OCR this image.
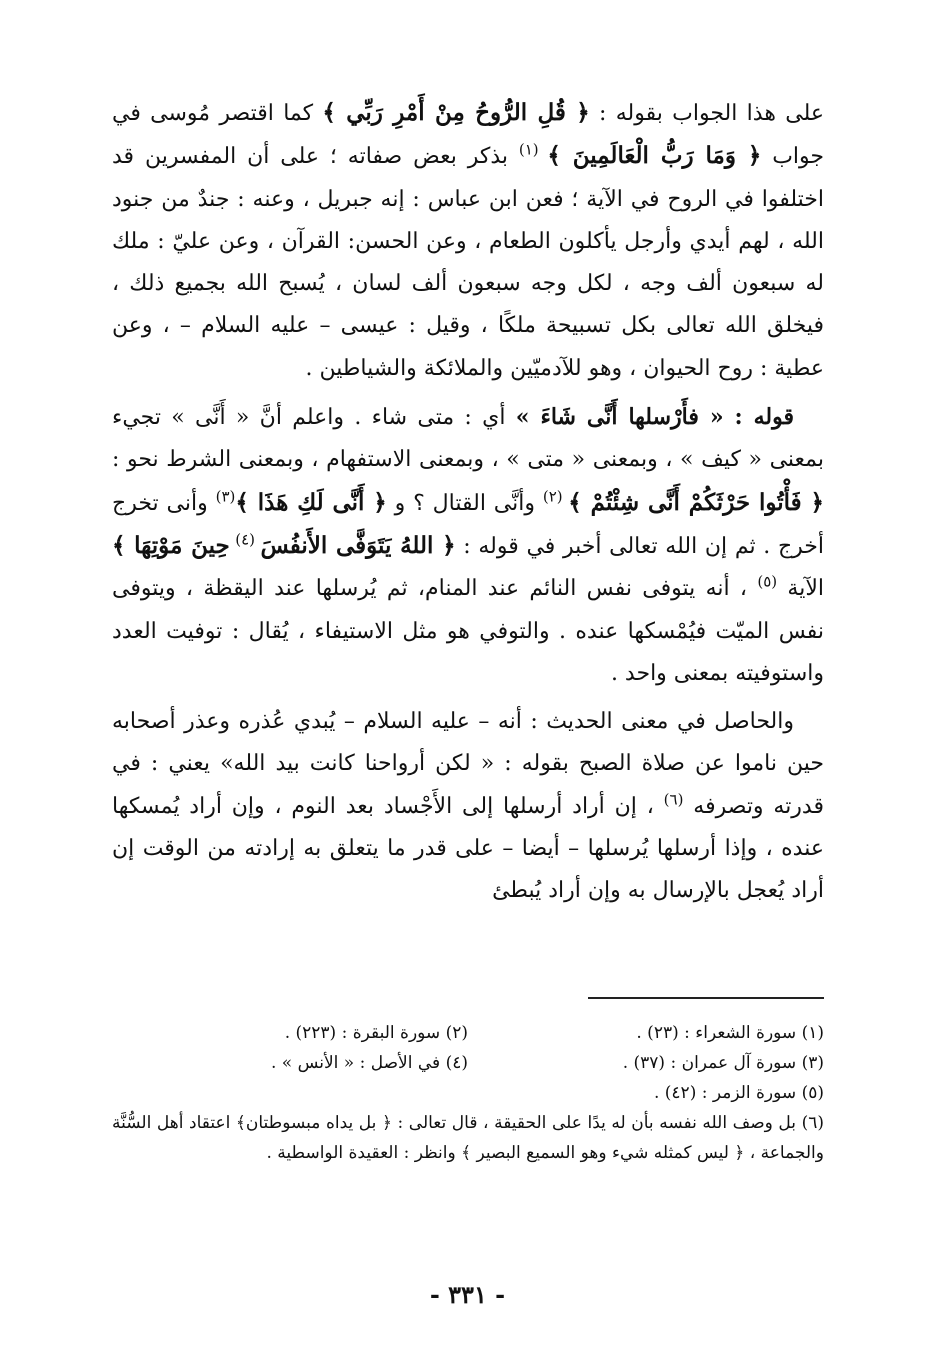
على هذا الجواب بقوله : ﴿ قُلِ الرُّوحُ مِنْ أَمْرِ رَبِّي ﴾ كما اقتصر مُوسى في جواب ﴿ وَمَا رَبُّ الْعَالَمِينَ ﴾ $^{(١)}$ بذكر بعض صفاته ؛ على أن المفسرين قد اختلفوا في الروح في الآية ؛ فعن ابن عباس : إنه جبريل ، وعنه : جندٌ من جنود الله ، لهم أيدي وأرجل يأكلون الطعام ، وعن الحسن: القرآن ، وعن عليّ : ملك له سبعون ألف وجه ، لكل وجه سبعون ألف لسان ، يُسبح الله بجميع ذلك ، فيخلق الله تعالى بكل تسبيحة ملكًا ، وقيل : عيسى – عليه السلام – ، وعن عطية : روح الحيوان ، وهو للآدميّين والملائكة والشياطين .

قوله : « فأَرْسلها أَنَّى شَاءَ » أي : متى شاء . واعلم أنَّ « أَنَّى » تجيء بمعنى « كيف » ، وبمعنى « متى » ، وبمعنى الاستفهام ، وبمعنى الشرط نحو : ﴿ فَأْتُوا حَرْثَكُمْ أَنَّى شِئْتُمْ ﴾ $^{(٢)}$ وأنَّى القتال ؟ و ﴿ أَنَّى لَكِ هَذَا ﴾$^{(٣)}$ وأنى تخرج أخرج . ثم إن الله تعالى أخبر في قوله : ﴿ اللهُ يَتَوَفَّى الأَنفُسَ $^{(٤)}$ حِينَ مَوْتِهَا ﴾ الآية $^{(٥)}$ ، أنه يتوفى نفس النائم عند المنام، ثم يُرسلها عند اليقظة ، ويتوفى نفس الميّت فيُمْسكها عنده . والتوفي هو مثل الاستيفاء ، يُقال : توفيت العدد واستوفيته بمعنى واحد .

والحاصل في معنى الحديث : أنه – عليه السلام – يُبدي عُذره وعذر أصحابه حين ناموا عن صلاة الصبح بقوله : « لكن أرواحنا كانت بيد الله» يعني : في قدرته وتصرفه $^{(٦)}$ ، إن أراد أرسلها إلى الأَجْساد بعد النوم ، وإن أراد يُمسكها عنده ، وإذا أرسلها يُرسلها – أيضا – على قدر ما يتعلق به إرادته من الوقت إن أراد يُعجل بالإرسال به وإن أراد يُبطئ

(١) سورة الشعراء : (٢٣) .
(٢) سورة البقرة : (٢٢٣) .
(٣) سورة آل عمران : (٣٧) .
(٤) في الأصل : « الأنس » .
(٥) سورة الزمر : (٤٢) .

(٦) بل وصف الله نفسه بأن له يدًا على الحقيقة ، قال تعالى : ﴿ بل يداه مبسوطتان﴾ اعتقاد أهل السُّنَّة والجماعة ، ﴿ ليس كمثله شيء وهو السميع البصير ﴾ وانظر : العقيدة الواسطية .

- ٣٣١ -
